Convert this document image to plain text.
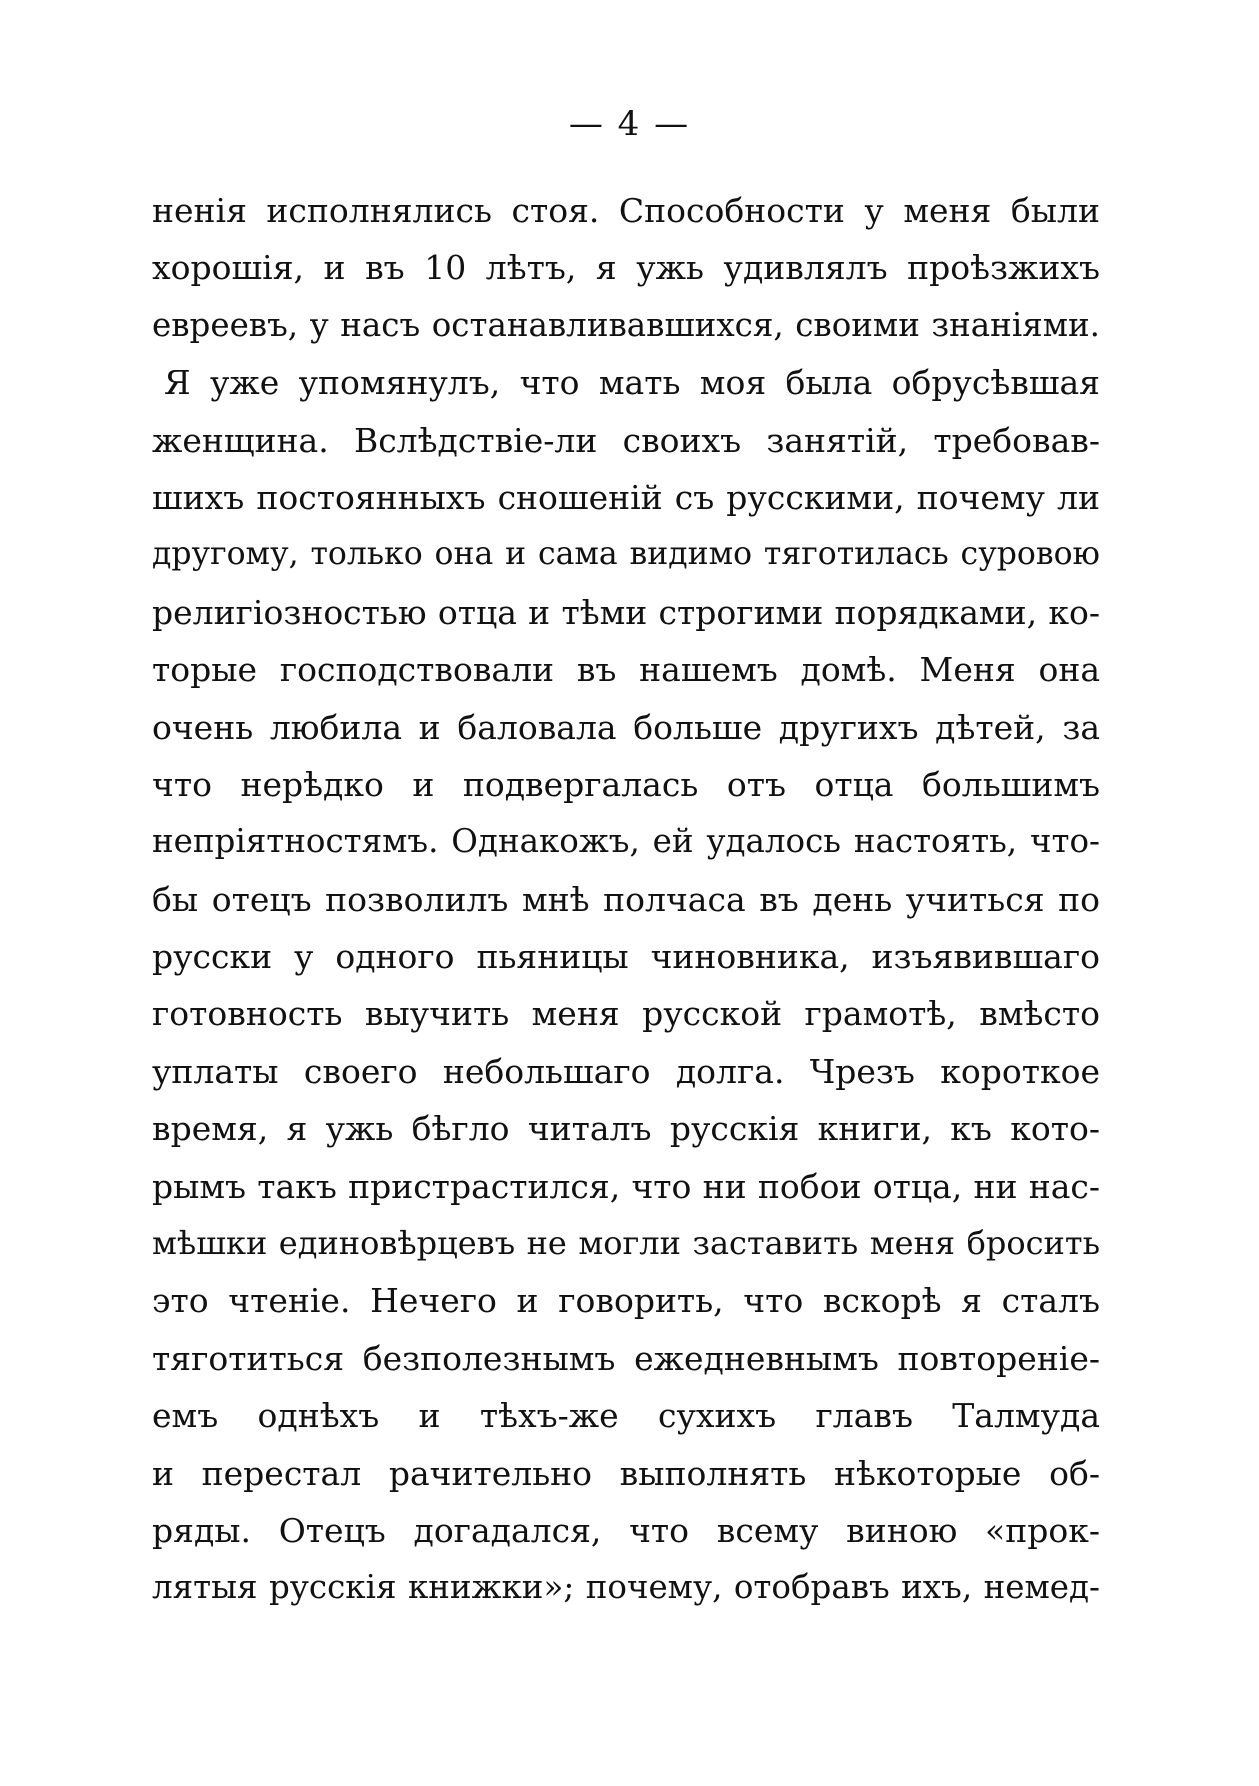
— 4 —
ненія исполнялись стоя. Способности у меня были
хорошія, и въ 10 лѣтъ, я ужь удивлялъ проѣзжихъ
евреевъ, у насъ останавливавшихся, своими знаніями.
Я уже упомянулъ, что мать моя была обрусѣвшая
женщина. Вслѣдствіе-ли своихъ занятій, требовав-
шихъ постоянныхъ сношеній съ русскими, почему ли
другому, только она и сама видимо тяготилась суровою
религіозностью отца и тѣми строгими порядками, ко-
торые господствовали въ нашемъ домѣ. Меня она
очень любила и баловала больше другихъ дѣтей, за
что нерѣдко и подвергалась отъ отца большимъ
непріятностямъ. Однакожъ, ей удалось настоять, что-
бы отецъ позволилъ мнѣ полчаса въ день учиться по
русски у одного пьяницы чиновника, изъявившаго
готовность выучить меня русской грамотѣ, вмѣсто
уплаты своего небольшаго долга. Чрезъ короткое
время, я ужь бѣгло читалъ русскія книги, къ кото-
рымъ такъ пристрастился, что ни побои отца, ни нас-
мѣшки единовѣрцевъ не могли заставить меня бросить
это чтеніе. Нечего и говорить, что вскорѣ я сталъ
тяготиться безполезнымъ ежедневнымъ повтореніе-
емъ однѣхъ и тѣхъ-же сухихъ главъ Талмуда
и перестал рачительно выполнять нѣкоторые об-
ряды. Отецъ догадался, что всему виною «прок-
лятыя русскія книжки»; почему, отобравъ ихъ, немед-
